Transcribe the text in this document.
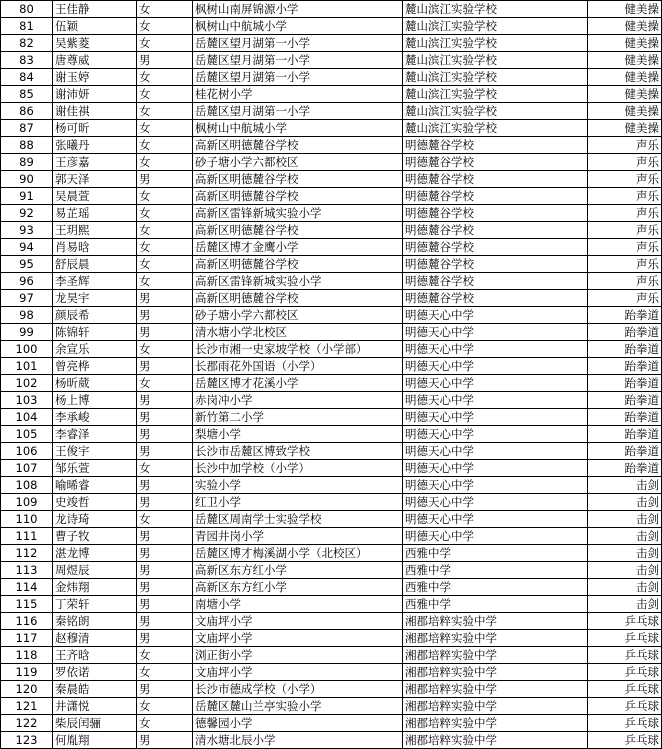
80	王佳静	女	枫树山南屏锦源小学	麓山滨江实验学校	健美操
81	伍颖	女	枫树山中航城小学	麓山滨江实验学校	健美操
82	吴紫菱	女	岳麓区望月湖第一小学	麓山滨江实验学校	健美操
83	唐尊威	男	岳麓区望月湖第一小学	麓山滨江实验学校	健美操
84	谢玉婷	女	岳麓区望月湖第一小学	麓山滨江实验学校	健美操
85	谢沛妍	女	桂花树小学	麓山滨江实验学校	健美操
86	谢佳祺	女	岳麓区望月湖第一小学	麓山滨江实验学校	健美操
87	杨可昕	女	枫树山中航城小学	麓山滨江实验学校	健美操
88	张曦丹	女	高新区明德麓谷学校	明德麓谷学校	声乐
89	王彦嘉	女	砂子塘小学六都校区	明德麓谷学校	声乐
90	郭天泽	男	高新区明德麓谷学校	明德麓谷学校	声乐
91	吴晨萱	女	高新区明德麓谷学校	明德麓谷学校	声乐
92	易芷瑶	女	高新区雷锋新城实验小学	明德麓谷学校	声乐
93	王玥熙	女	高新区明德麓谷学校	明德麓谷学校	声乐
94	肖易晗	女	岳麓区博才金鹰小学	明德麓谷学校	声乐
95	舒辰晨	女	高新区明德麓谷学校	明德麓谷学校	声乐
96	李圣辉	女	高新区雷锋新城实验小学	明德麓谷学校	声乐
97	龙昊宇	男	高新区明德麓谷学校	明德麓谷学校	声乐
98	颜辰希	男	砂子塘小学六都校区	明德天心中学	跆拳道
99	陈锦轩	男	清水塘小学北校区	明德天心中学	跆拳道
100	余宣乐	女	长沙市湘一史家坡学校（小学部）	明德天心中学	跆拳道
101	曾亮桦	男	长郡雨花外国语（小学）	明德天心中学	跆拳道
102	杨昕葳	女	岳麓区博才花溪小学	明德天心中学	跆拳道
103	杨上博	男	赤岗冲小学	明德天心中学	跆拳道
104	李承峻	男	新竹第二小学	明德天心中学	跆拳道
105	李睿泽	男	梨塘小学	明德天心中学	跆拳道
106	王俊宇	男	长沙市岳麓区博致学校	明德天心中学	跆拳道
107	邹乐萱	女	长沙中加学校（小学）	明德天心中学	跆拳道
108	喻晞睿	男	实验小学	明德天心中学	击剑
109	史竣哲	男	红卫小学	明德天心中学	击剑
110	龙诗琦	女	岳麓区周南学士实验学校	明德天心中学	击剑
111	曹子牧	男	青园井岗小学	明德天心中学	击剑
112	湛龙博	男	岳麓区博才梅溪湖小学（北校区）	西雅中学	击剑
113	周煜辰	男	高新区东方红小学	西雅中学	击剑
114	金炜翔	男	高新区东方红小学	西雅中学	击剑
115	丁荣轩	男	南塘小学	西雅中学	击剑
116	秦铭朗	男	文庙坪小学	湘郡培粹实验中学	乒乓球
117	赵穆清	男	文庙坪小学	湘郡培粹实验中学	乒乓球
118	王齐晗	女	浏正街小学	湘郡培粹实验中学	乒乓球
119	罗依诺	女	文庙坪小学	湘郡培粹实验中学	乒乓球
120	秦晨皓	男	长沙市德成学校（小学）	湘郡培粹实验中学	乒乓球
121	井潇悦	女	岳麓区麓山兰亭实验小学	湘郡培粹实验中学	乒乓球
122	柴辰闰骊	女	德馨园小学	湘郡培粹实验中学	乒乓球
123	何胤翔	男	清水塘北辰小学	湘郡培粹实验中学	乒乓球
